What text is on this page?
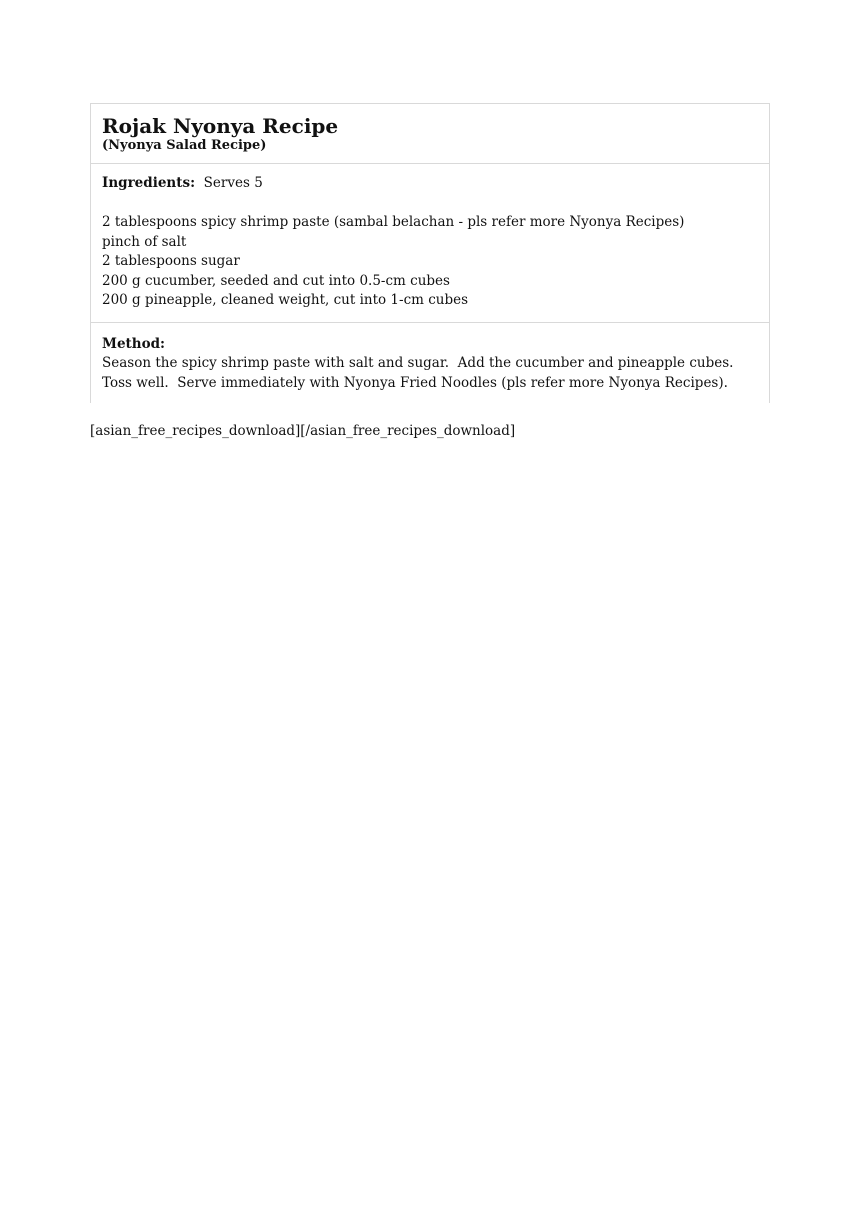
Rojak Nyonya Recipe
(Nyonya Salad Recipe)

Ingredients: Serves 5

2 tablespoons spicy shrimp paste (sambal belachan - pls refer more Nyonya Recipes)
pinch of salt
2 tablespoons sugar
200 g cucumber, seeded and cut into 0.5-cm cubes
200 g pineapple, cleaned weight, cut into 1-cm cubes

Method:

Season the spicy shrimp paste with salt and sugar.  Add the cucumber and pineapple cubes.  Toss well.  Serve immediately with Nyonya Fried Noodles (pls refer more Nyonya Recipes).

[asian_free_recipes_download][/asian_free_recipes_download]
